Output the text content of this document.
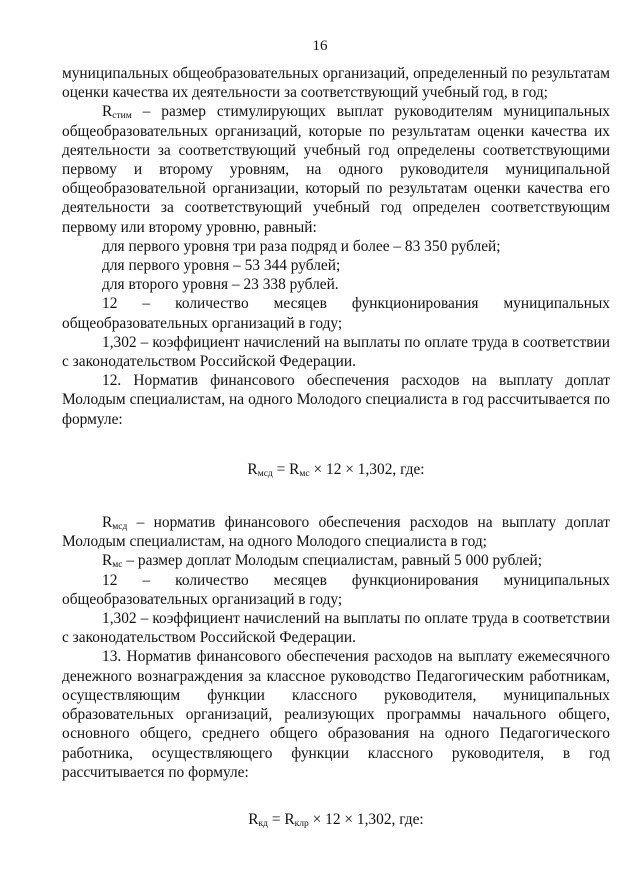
16

муниципальных общеобразовательных организаций, определенный по результатам оценки качества их деятельности за соответствующий учебный год, в год;

$R_{стим}$ – размер стимулирующих выплат руководителям муниципальных общеобразовательных организаций, которые по результатам оценки качества их деятельности за соответствующий учебный год определены соответствующими первому и второму уровням, на одного руководителя муниципальной общеобразовательной организации, который по результатам оценки качества его деятельности за соответствующий учебный год определен соответствующим первому или второму уровню, равный:

для первого уровня три раза подряд и более – 83 350 рублей;

для первого уровня – 53 344 рублей;

для второго уровня – 23 338 рублей.

12 – количество месяцев функционирования муниципальных общеобразовательных организаций в году;

1,302 – коэффициент начислений на выплаты по оплате труда в соответствии с законодательством Российской Федерации.

12. Норматив финансового обеспечения расходов на выплату доплат Молодым специалистам, на одного Молодого специалиста в год рассчитывается по формуле:

$R_{мсд} = R_{мс} \times 12 \times 1,302$, где:

$R_{мсд}$ – норматив финансового обеспечения расходов на выплату доплат Молодым специалистам, на одного Молодого специалиста в год;

$R_{мс}$ – размер доплат Молодым специалистам, равный 5 000 рублей;

12 – количество месяцев функционирования муниципальных общеобразовательных организаций в году;

1,302 – коэффициент начислений на выплаты по оплате труда в соответствии с законодательством Российской Федерации.

13. Норматив финансового обеспечения расходов на выплату ежемесячного денежного вознаграждения за классное руководство Педагогическим работникам, осуществляющим функции классного руководителя, муниципальных образовательных организаций, реализующих программы начального общего, основного общего, среднего общего образования на одного Педагогического работника, осуществляющего функции классного руководителя, в год рассчитывается по формуле:

$R_{кд} = R_{клр} \times 12 \times 1,302$, где:
